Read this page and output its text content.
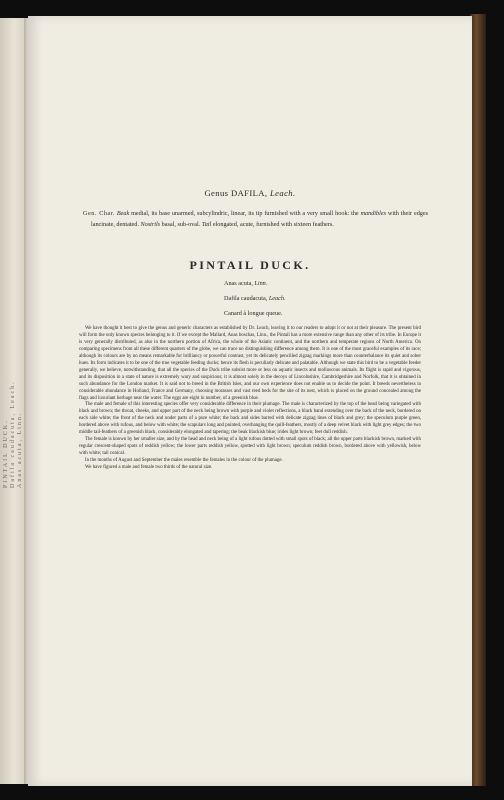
PINTAIL DUCK. Dafila caudacuta, Leach. Anas acuta, Linn.
Genus DAFILA, Leach.
Gen. Char. Beak medial, its base unarmed, subcylindric, linear, its tip furnished with a very small hook: the mandibles with their edges lancinate, dentated. Nostrils basal, sub-oval. Tail elongated, acute, furnished with sixteen feathers.
PINTAIL DUCK.
Anas acuta, Linn.
Dafila caudacuta, Leach.
Canard à longue queue.

We have thought it best to give the genus and generic characters as established by Dr. Leach, leaving it to our readers to adopt it or not at their pleasure. The present bird will form the only known species belonging to it. If we except the Mallard, Anas boschas, Linn., the Pintail has a more extensive range than any other of its tribe. In Europe it is very generally distributed, as also in the northern portion of Africa, the whole of the Asiatic continent, and the northern and temperate regions of North America. On comparing specimens from all these different quarters of the globe, we can trace no distinguishing difference among them. It is one of the most graceful examples of its race; although its colours are by no means remarkable for brilliancy or powerful contrast, yet its delicately pencilled zigzag markings more than counterbalance its quiet and sober hues. Its form indicates it to be one of the true vegetable feeding ducks; hence its flesh is peculiarly delicate and palatable. Although we state this bird to be a vegetable feeder generally, we believe, notwithstanding, that all the species of the Duck tribe subsist more or less on aquatic insects and molluscous animals. Its flight is rapid and vigorous, and its disposition in a state of nature is extremely wary and suspicious; it is almost solely in the decoys of Lincolnshire, Cambridgeshire and Norfolk, that it is obtained in such abundance for the London market. It is said not to breed in the British Isles, and our own experience does not enable us to decide the point. It breeds nevertheless in considerable abundance in Holland, France and Germany, choosing morasses and vast reed beds for the site of its nest, which is placed on the ground concealed among the flags and luxuriant herbage near the water. The eggs are eight in number, of a greenish blue.

The male and female of this interesting species offer very considerable difference in their plumage. The male is characterized by the top of the head being variegated with black and brown; the throat, cheeks, and upper part of the neck being brown with purple and violet reflections, a black band extending over the back of the neck, bordered on each side white; the front of the neck and under parts of a pure white; the back and sides barred with delicate zigzag lines of black and grey; the speculum purple green, bordered above with rufous, and below with white; the scapulars long and pointed, overhanging the quill-feathers, mostly of a deep velvet black with light grey edges; the two middle tail-feathers of a greenish black, considerably elongated and tapering; the beak blackish blue; irides light brown; feet dull reddish.

The female is known by her smaller size, and by the head and neck being of a light rufous dotted with small spots of black; all the upper parts blackish brown, marked with regular crescent-shaped spots of reddish yellow; the lower parts reddish yellow, spotted with light brown; speculum reddish brown, bordered above with yellowish, below with white; tail conical.

In the months of August and September the males resemble the females in the colour of the plumage.

We have figured a male and female two thirds of the natural size.
